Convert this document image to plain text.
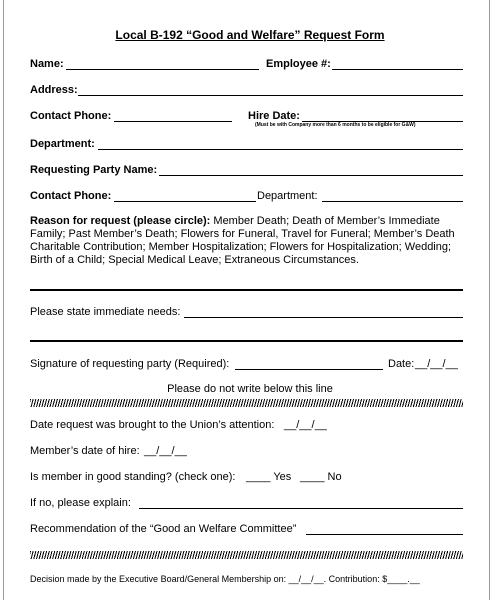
Local B-192 “Good and Welfare” Request Form
Name:	Employee #:
Address:
Contact Phone:	Hire Date:
(Must be with Company more than 6 months to be eligible for G&W)
Department:
Requesting Party Name:
Contact Phone:	Department:
Reason for request (please circle): Member Death; Death of Member’s Immediate Family; Past Member’s Death; Flowers for Funeral, Travel for Funeral; Member’s Death Charitable Contribution; Member Hospitalization; Flowers for Hospitalization; Wedding; Birth of a Child; Special Medical Leave; Extraneous Circumstances.
Please state immediate needs:
Signature of requesting party (Required):	Date: __/__/__
Please do not write below this line
Date request was brought to the Union’s attention: __/__/__
Member’s date of hire: __/__/__
Is member in good standing? (check one): ____ Yes ____ No
If no, please explain:
Recommendation of the “Good an Welfare Committee”
Decision made by the Executive Board/General Membership on: __/__/__. Contribution: $____.__
